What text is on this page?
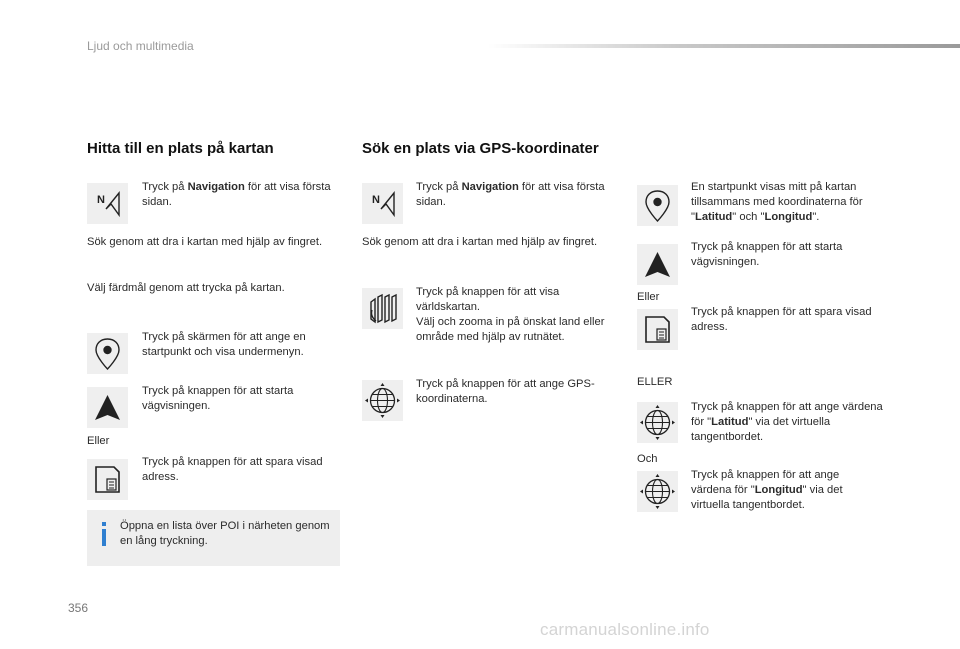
Ljud och multimedia
Hitta till en plats på kartan
N
Tryck på Navigation för att visa första sidan.
Sök genom att dra i kartan med hjälp av fingret.
Välj färdmål genom att trycka på kartan.
Tryck på skärmen för att ange en startpunkt och visa undermenyn.
Tryck på knappen för att starta vägvisningen.
Eller
Tryck på knappen för att spara visad adress.
Öppna en lista över POI i närheten genom en lång tryckning.
Sök en plats via GPS-koordinater
N
Tryck på Navigation för att visa första sidan.
Sök genom att dra i kartan med hjälp av fingret.
Tryck på knappen för att visa världskartan.
Välj och zooma in på önskat land eller område med hjälp av rutnätet.
Tryck på knappen för att ange GPS-koordinaterna.
En startpunkt visas mitt på kartan tillsammans med koordinaterna för "Latitud" och "Longitud".
Tryck på knappen för att starta vägvisningen.
Eller
Tryck på knappen för att spara visad adress.
ELLER
Tryck på knappen för att ange värdena för "Latitud" via det virtuella tangentbordet.
Och
Tryck på knappen för att ange värdena för "Longitud" via det virtuella tangentbordet.
356
carmanualsonline.info
